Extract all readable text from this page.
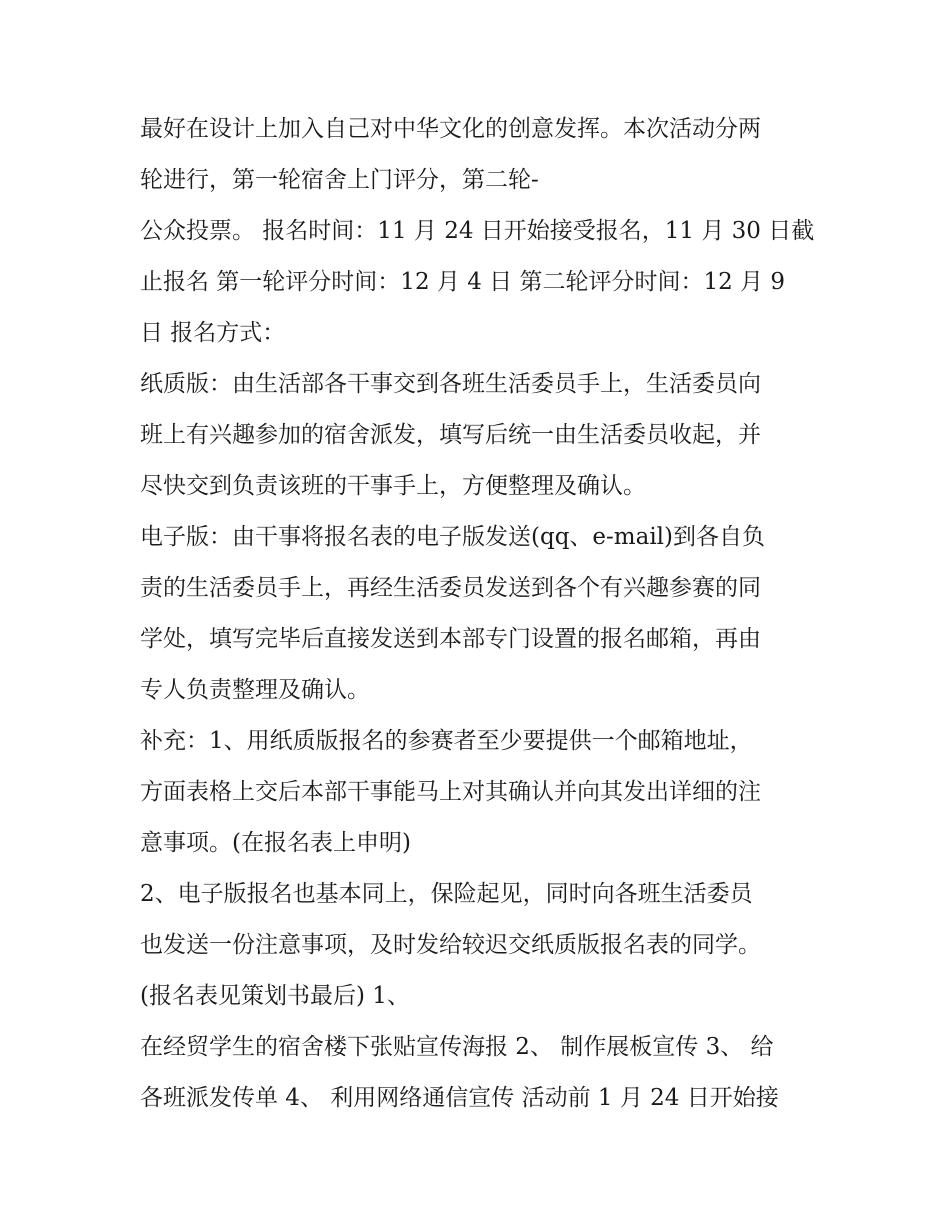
最好在设计上加入自己对中华文化的创意发挥。本次活动分两
轮进行，第一轮宿舍上门评分，第二轮-
公众投票。 报名时间：11 月 24 日开始接受报名，11 月 30 日截
止报名 第一轮评分时间：12 月 4 日 第二轮评分时间：12 月 9
日 报名方式：
纸质版：由生活部各干事交到各班生活委员手上，生活委员向
班上有兴趣参加的宿舍派发，填写后统一由生活委员收起，并
尽快交到负责该班的干事手上，方便整理及确认。
电子版：由干事将报名表的电子版发送(qq、e-mail)到各自负
责的生活委员手上，再经生活委员发送到各个有兴趣参赛的同
学处，填写完毕后直接发送到本部专门设置的报名邮箱，再由
专人负责整理及确认。
补充：1、用纸质版报名的参赛者至少要提供一个邮箱地址，
方面表格上交后本部干事能马上对其确认并向其发出详细的注
意事项。(在报名表上申明)
2、电子版报名也基本同上，保险起见，同时向各班生活委员
也发送一份注意事项，及时发给较迟交纸质版报名表的同学。
(报名表见策划书最后) 1、
在经贸学生的宿舍楼下张贴宣传海报 2、 制作展板宣传 3、 给
各班派发传单 4、 利用网络通信宣传 活动前 1 月 24 日开始接
